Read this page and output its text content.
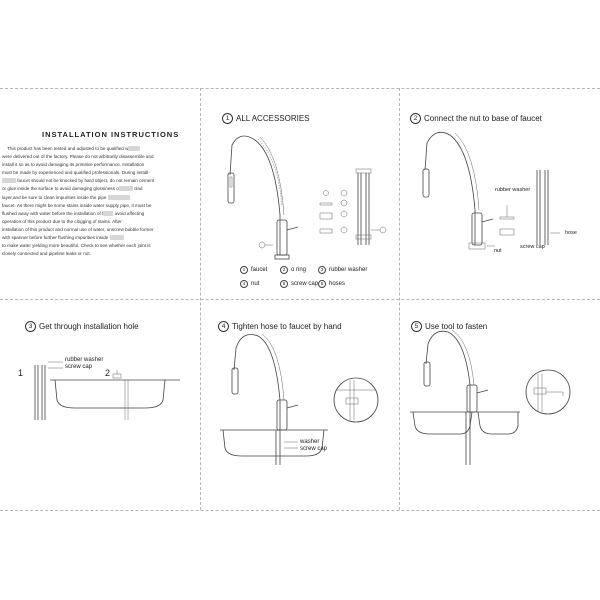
INSTALLATION INSTRUCTIONS

This product has been tested and adjusted to be qualified w

were delivered out of the factory. Please do not arbitrarily disassemble and

install it so as to avoid damaging its primitive performance. Installation

must be made by experienced and qualified professionals. During install-

faucet should not be knocked by hard object, do not remain cement

or glue inside the surface to avoid damaging glossiness o	clad

layer,and be sure to clean impurities inside the pipe

faucet. As there might be some stains inside water supply pipe, it must be

flushed away with water before the installation of f avoid affecting

operation of this product due to the clogging of stains. After

installation of this product and normal use of water, unscrew bubble former

with spanner before further flushing impurities inside

to make water yielding more beautiful. Check to see whether each joint is

closely connected and pipeline leaks or not.

1 ALL ACCESSORIES
1 faucet	2 o ring	3 rubber washer
4 nut	5 screw cap 6 hoses
2 Connect the nut to base of faucet
rubber washer
hose
screw cap
nut
3 Get through installation hole
rubber washer
screw cap
1	2
4 Tighten hose to faucet by hand
washer
screw cap
5 Use tool to fasten
